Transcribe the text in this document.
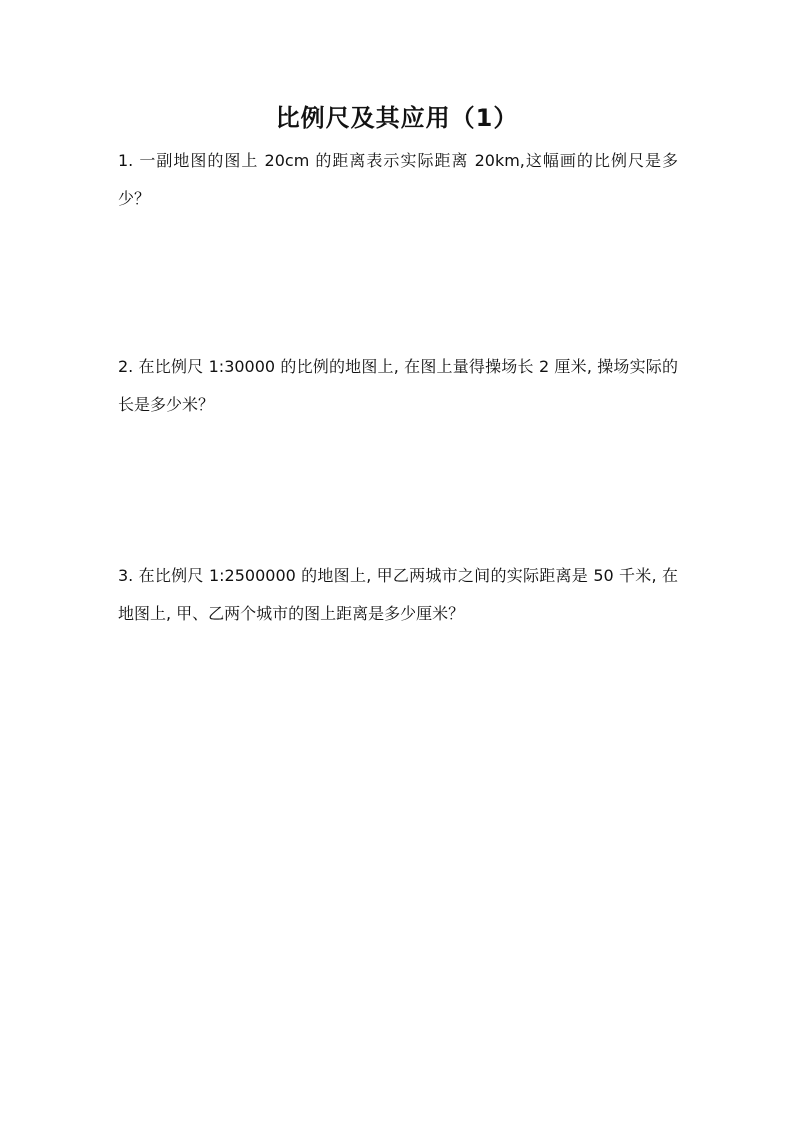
比例尺及其应用（1）

1. 一副地图的图上 20cm 的距离表示实际距离 20km,这幅画的比例尺是多少？

2. 在比例尺 1:30000 的比例的地图上, 在图上量得操场长 2 厘米, 操场实际的长是多少米？

3. 在比例尺 1:2500000 的地图上, 甲乙两城市之间的实际距离是 50 千米, 在地图上, 甲、乙两个城市的图上距离是多少厘米？
